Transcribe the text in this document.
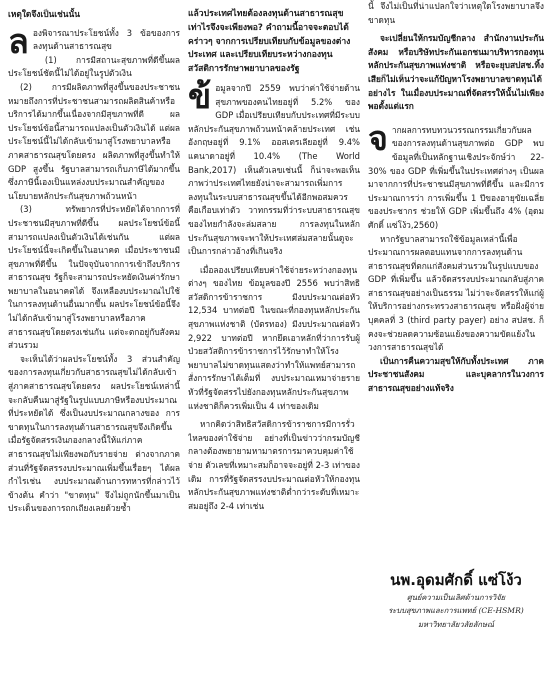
เหตุใดจึงเป็นเช่นนั้น

ลองพิจารณาประโยชน์ทั้ง 3 ข้อของการลงทุนด้านสาธารณสุข

(1) การมีสถานะสุขภาพที่ดีขึ้นผลประโยชน์ชัดนี้ไม่ได้อยู่ในรูปตัวเงิน

(2) การมีผลิตภาพที่สูงขึ้นของประชาชน หมายถึงการที่ประชาชนสามารถผลิตสินค้าหรือบริการได้มากขึ้นเนื่องจากมีสุขภาพที่ดี ผลประโยชน์ข้อนี้สามารถแปลงเป็นตัวเงินได้ แต่ผลประโยชน์นี้ไม่ได้กลับเข้ามาสู่โรงพยาบาลหรือภาคสาธารณสุขโดยตรง ผลิตภาพที่สูงขึ้นทำให้ GDP สูงขึ้น รัฐบาลสามารถเก็บภาษีได้มากขึ้น ซึ่งภาษีนี้เองเป็นแหล่งงบประมาณสำคัญของนโยบายหลักประกันสุขภาพถ้วนหน้า

(3) ทรัพยากรที่ประหยัดได้จากการที่ประชาชนมีสุขภาพที่ดีขึ้น ผลประโยชน์ข้อนี้สามารถแปลงเป็นตัวเงินได้เช่นกัน แต่ผลประโยชน์นี้จะเกิดขึ้นในอนาคต เมื่อประชาชนมีสุขภาพที่ดีขึ้น ในปัจจุบันจากการเข้าถึงบริการสาธารณสุข รัฐก็จะสามารถประหยัดเงินค่ารักษาพยาบาลในอนาคตได้ จึงเหลืองบประมาณไปใช้ในการลงทุนด้านอื่นมากขึ้น ผลประโยชน์ข้อนี้จึงไม่ได้กลับเข้ามาสู่โรงพยาบาลหรือภาคสาธารณสุขโดยตรงเช่นกัน แต่จะตกอยู่กับสังคมส่วนรวม

จะเห็นได้ว่าผลประโยชน์ทั้ง 3 ส่วนสำคัญของการลงทุนเกี่ยวกับสาธารณสุขไม่ได้กลับเข้าสู่ภาคสาธารณสุขโดยตรง ผลประโยชน์เหล่านี้จะกลับคืนมาสู่รัฐในรูปแบบภาษีหรืองบประมาณที่ประหยัดได้ ซึ่งเป็นงบประมาณกลางของ การขาดทุนในการลงทุนด้านสาธารณสุขจึงเกิดขึ้นเมื่อรัฐจัดสรรเงินกองกลางนี้ให้แก่ภาคสาธารณสุขไม่เพียงพอกับรายจ่าย ต่างจากภาคส่วนที่รัฐจัดสรรงบประมาณเพิ่มขึ้นเรื่อยๆ ได้ผลกำไรเช่น งบประมาณด้านการทหารที่กล่าวไว้ข้างต้น คำว่า "ขาดทุน" จึงไม่ถูกนักขึ้นมาเป็นประเด็นของการถกเถียงเลยด้วยซ้ำ

แล้วประเทศไทยต้องลงทุนด้านสาธารณสุขเท่าไรจึงจะเพียงพอ? คำถามนี้อาจจะตอบได้คร่าวๆ จากการเปรียบเทียบกับข้อมูลของต่างประเทศ และเปรียบเทียบระหว่างกองทุนสวัสดิการรักษาพยาบาลของรัฐ

ข้อมูลจากปี 2559 พบว่าค่าใช้จ่ายด้านสุขภาพของคนไทยอยู่ที่ 5.2% ของ GDP เมื่อเปรียบเทียบกับประเทศที่มีระบบหลักประกันสุขภาพถ้วนหน้าคล้ายประเทศ เช่น อังกฤษอยู่ที่ 9.1% ออสเตรเลียอยู่ที่ 9.4% แคนาดาอยู่ที่ 10.4% (The World Bank,2017) เห็นตัวเลขเช่นนี้ ก็น่าจะพอเห็นภาพว่าประเทศไทยยังน่าจะสามารถเพิ่มการลงทุนในระบบสาธารณสุขขึ้นได้อีกพอสมควร คือเกือบเท่าตัว วาทกรรมที่ว่าระบบสาธารณสุขของไทยกำลังจะล่มสลาย การลงทุนในหลักประกันสุขภาพจะพาให้ประเทศล่มสลายนั้นดูจะเป็นการกล่าวอ้างที่เกินจริง

เมื่อลองเปรียบเทียบค่าใช้จ่ายระหว่างกองทุนต่างๆ ของไทย ข้อมูลของปี 2556 พบว่าสิทธิสวัสดิการข้าราชการ มีงบประมาณต่อหัว 12,534 บาทต่อปี ในขณะที่กองทุนหลักประกันสุขภาพแห่งชาติ (บัตรทอง) มีงบประมาณต่อหัว 2,922 บาทต่อปี หากยึดเอาหลักที่ว่าการรับผู้ป่วยสวัสดิการข้าราชการไว้รักษาทำให้โรงพยาบาลไม่ขาดทุนแสดงว่าทำให้แพทย์สามารถสั่งการรักษาได้เต็มที่ งบประมาณเหมาจ่ายรายหัวที่รัฐจัดสรรไปยังกองทุนหลักประกันสุขภาพแห่งชาติก็ควรเพิ่มเป็น 4 เท่าของเดิม

หากคิดว่าสิทธิสวัสดิการข้าราชการมีการรั่วไหลของค่าใช้จ่าย อย่างที่เป็นข่าวว่ากรมบัญชีกลางต้องพยายามหามาตรการมาควบคุมค่าใช้จ่าย ตัวเลขที่เหมาะสมก็อาจจะอยู่ที่ 2-3 เท่าของเดิม การที่รัฐจัดสรรงบประมาณต่อหัวให้กองทุนหลักประกันสุขภาพแห่งชาติต่ำกว่าระดับที่เหมาะสมอยู่ถึง 2-4 เท่าเช่น

นี้ จึงไม่เป็นที่น่าแปลกใจว่าเหตุใดโรงพยาบาลจึงขาดทุน

จะเปลี่ยนให้กรมบัญชีกลาง สำนักงานประกันสังคม หรือบริษัทประกันเอกชนมาบริหารกองทุนหลักประกันสุขภาพแห่งชาติ หรือจะยุบสปสช.ทิ้งเสียก็ไม่เห็นว่าจะแก้ปัญหาโรงพยาบาลขาดทุนได้อย่างไร ในเมื่องบประมาณที่จัดสรรให้นั้นไม่เพียงพอตั้งแต่แรก

จากผลการทบทวนวรรณกรรมเกี่ยวกับผลของการลงทุนด้านสุขภาพต่อ GDP พบข้อมูลที่เป็นหลักฐานเชิงประจักษ์ว่า 22-30% ของ GDP ที่เพิ่มขึ้นในประเทศต่างๆ เป็นผลมาจากการที่ประชาชนมีสุขภาพที่ดีขึ้น และมีการประมาณการว่า การเพิ่มขึ้น 1 ปีของอายุขัยเฉลี่ยของประชากร ช่วยให้ GDP เพิ่มขึ้นถึง 4% (อุดมศักดิ์ แซ่โง้ว,2560)

หากรัฐบาลสามารถใช้ข้อมูลเหล่านี้เพื่อประมาณการผลตอบแทนจากการลงทุนด้านสาธารณสุขที่ตกแก่สังคมส่วนรวมในรูปแบบของ GDP ที่เพิ่มขึ้น แล้วจัดสรรงบประมาณกลับสู่ภาคสาธารณสุขอย่างเป็นธรรม ไม่ว่าจะจัดสรรให้แก่ผู้ให้บริการอย่างกระทรวงสาธารณสุข หรือฝั่งผู้จ่ายบุคคลที่ 3 (third party payer) อย่าง สปสช. ก็คงจะช่วยลดความซ้อนแย้งของความขัดแย้งในวงการสาธารณสุขได้

เป็นการคืนความสุขให้กับทั้งประเทศ ภาคประชาชนสังคม และบุคลากรในวงการสาธารณสุขอย่างแท้จริง

นพ.อุดมศักดิ์ แซ่โง้ว
ศูนย์ความเป็นเลิศด้านการวิจัย
ระบบสุขภาพและการแพทย์ (CE-HSMR)
มหาวิทยาลัยวลัยลักษณ์
